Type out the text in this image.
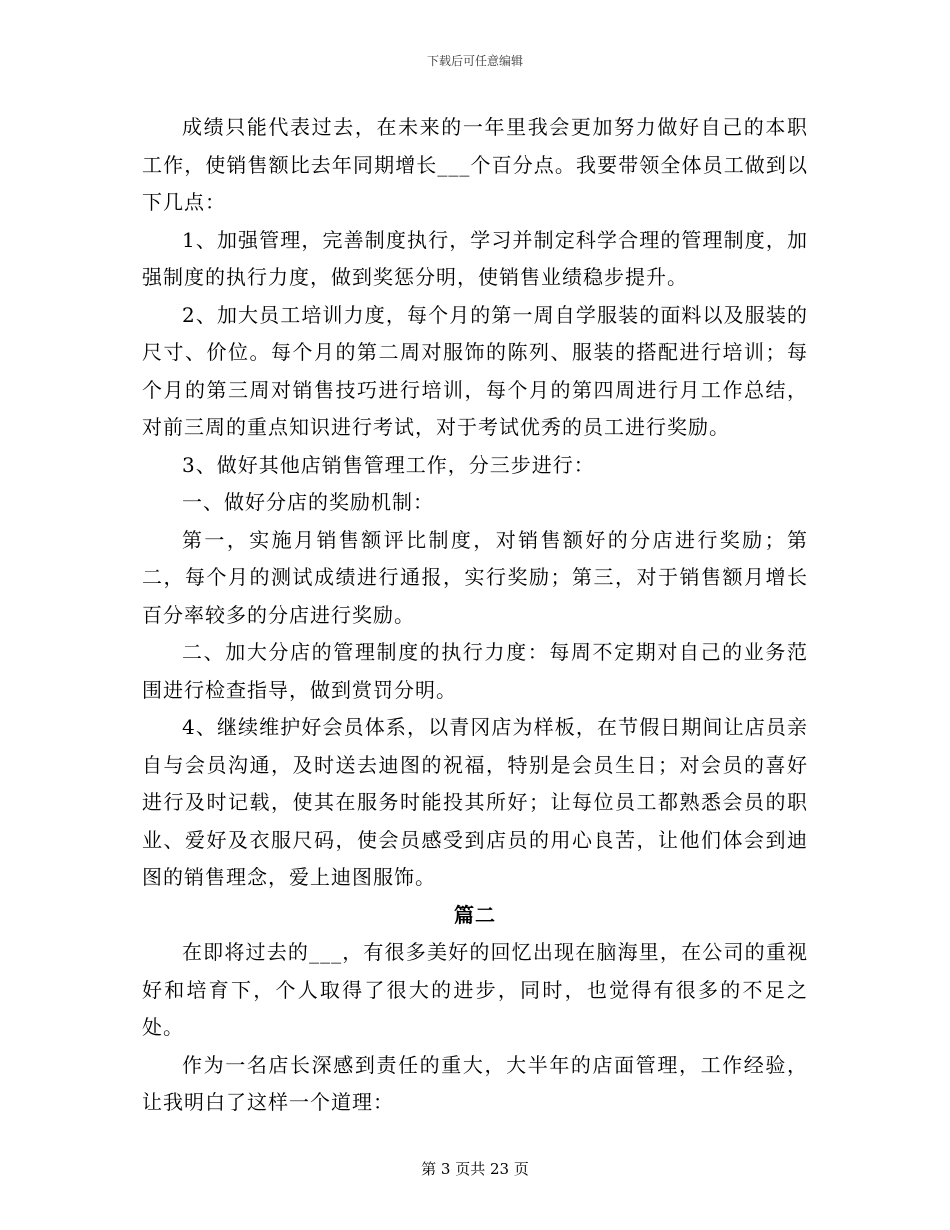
下载后可任意编辑

成绩只能代表过去，在未来的一年里我会更加努力做好自己的本职工作，使销售额比去年同期增长___个百分点。我要带领全体员工做到以下几点：

1、加强管理，完善制度执行，学习并制定科学合理的管理制度，加强制度的执行力度，做到奖惩分明，使销售业绩稳步提升。

2、加大员工培训力度，每个月的第一周自学服装的面料以及服装的尺寸、价位。每个月的第二周对服饰的陈列、服装的搭配进行培训；每个月的第三周对销售技巧进行培训，每个月的第四周进行月工作总结，对前三周的重点知识进行考试，对于考试优秀的员工进行奖励。

3、做好其他店销售管理工作，分三步进行：

一、做好分店的奖励机制：

第一，实施月销售额评比制度，对销售额好的分店进行奖励；第二，每个月的测试成绩进行通报，实行奖励；第三，对于销售额月增长百分率较多的分店进行奖励。

二、加大分店的管理制度的执行力度：每周不定期对自己的业务范围进行检查指导，做到赏罚分明。

4、继续维护好会员体系，以青冈店为样板，在节假日期间让店员亲自与会员沟通，及时送去迪图的祝福，特别是会员生日；对会员的喜好进行及时记载，使其在服务时能投其所好；让每位员工都熟悉会员的职业、爱好及衣服尺码，使会员感受到店员的用心良苦，让他们体会到迪图的销售理念，爱上迪图服饰。

篇二

在即将过去的___，有很多美好的回忆出现在脑海里，在公司的重视好和培育下，个人取得了很大的进步，同时，也觉得有很多的不足之处。

作为一名店长深感到责任的重大，大半年的店面管理，工作经验，让我明白了这样一个道理：

第 3 页共 23 页
